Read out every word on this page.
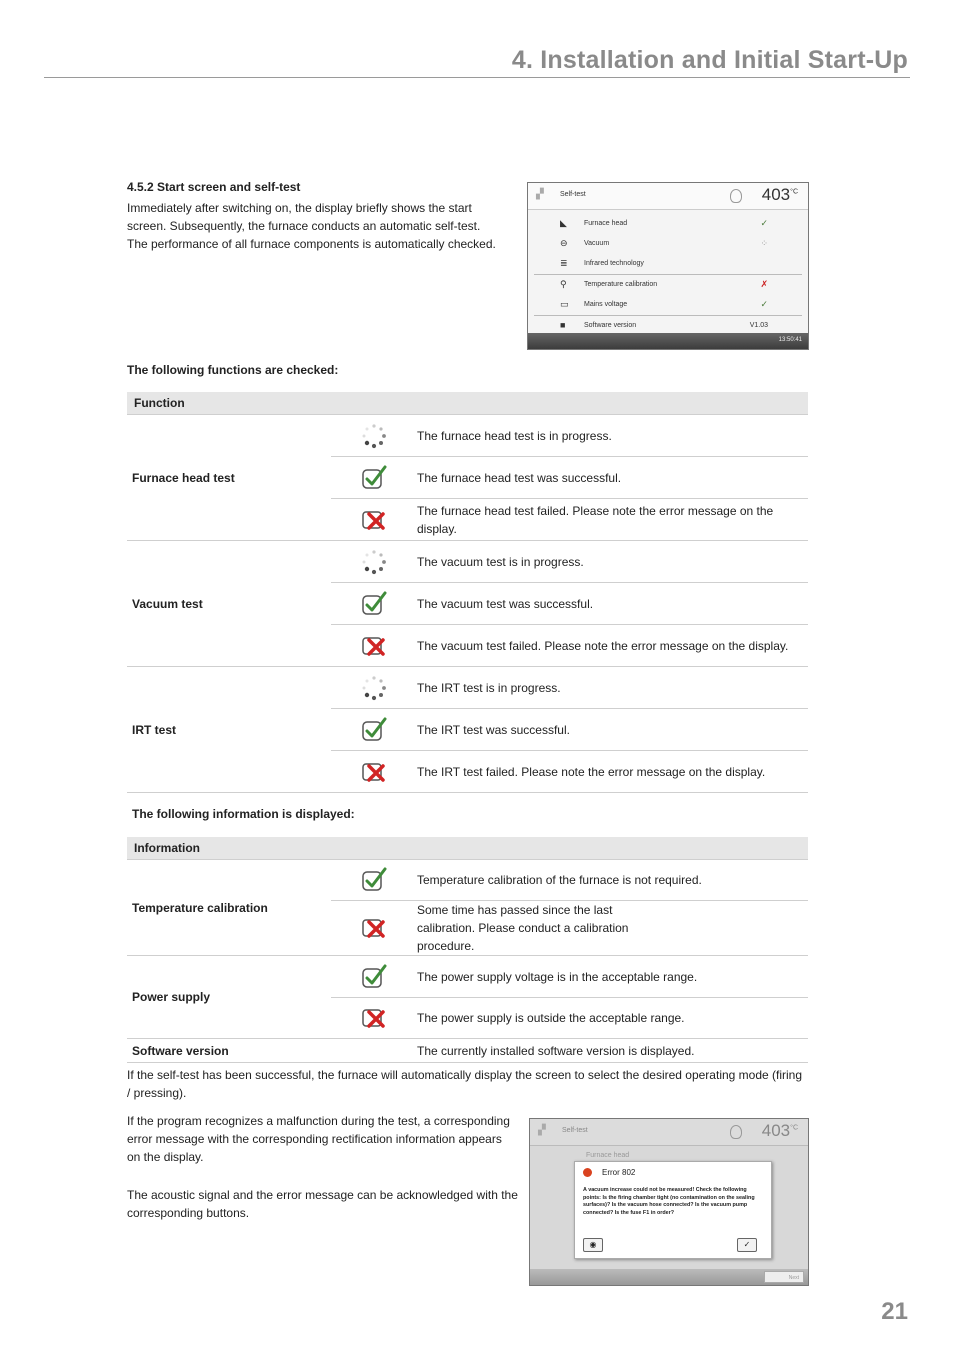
4. Installation and Initial Start-Up
4.5.2 Start screen and self-test

Immediately after switching on, the display briefly shows the start

screen. Subsequently, the furnace conducts an automatic self-test.

The performance of all furnace components is automatically checked.

▞	Self-test	$403^{^\circ C}$
◣ Furnace head	✓
⊖ Vacuum	⁘
≣ Infrared technology
⚲	Temperature calibration	✗
▭ Mains voltage	✓
■	Software version	V1.03
13:50:41
The following functions are checked:
Function		
Furnace head test		The furnace head test is in progress.
	The furnace head test was successful.
	The furnace head test failed. Please note the error message on the display.
Vacuum test		The vacuum test is in progress.
	The vacuum test was successful.
	The vacuum test failed. Please note the error message on the display.
IRT test		The IRT test is in progress.
	The IRT test was successful.
	The IRT test failed. Please note the error message on the display.
The following information is displayed:
Information		
Temperature calibration		Temperature calibration of the furnace is not required.
	Some time has passed since the last calibration. Please conduct a calibration procedure.
Power supply		The power supply voltage is in the acceptable range.
	The power supply is outside the acceptable range.
Software version		The currently installed software version is displayed.
If the self-test has been successful, the furnace will automatically display the screen to select the desired operating mode (firing / pressing).
If the program recognizes a malfunction during the test, a corresponding error message with the corresponding rectification information appears on the display.
The acoustic signal and the error message can be acknowledged with the corresponding buttons.
▞	Self-test	$403^{^\circ C}$
Furnace head
Error 802
A vacuum increase could not be measured! Check the following points: Is the firing chamber tight (no contamination on the sealing surfaces)? Is the vacuum hose connected? Is the vacuum pump connected? Is the fuse F1 in order?
◉	✓
Next
21
